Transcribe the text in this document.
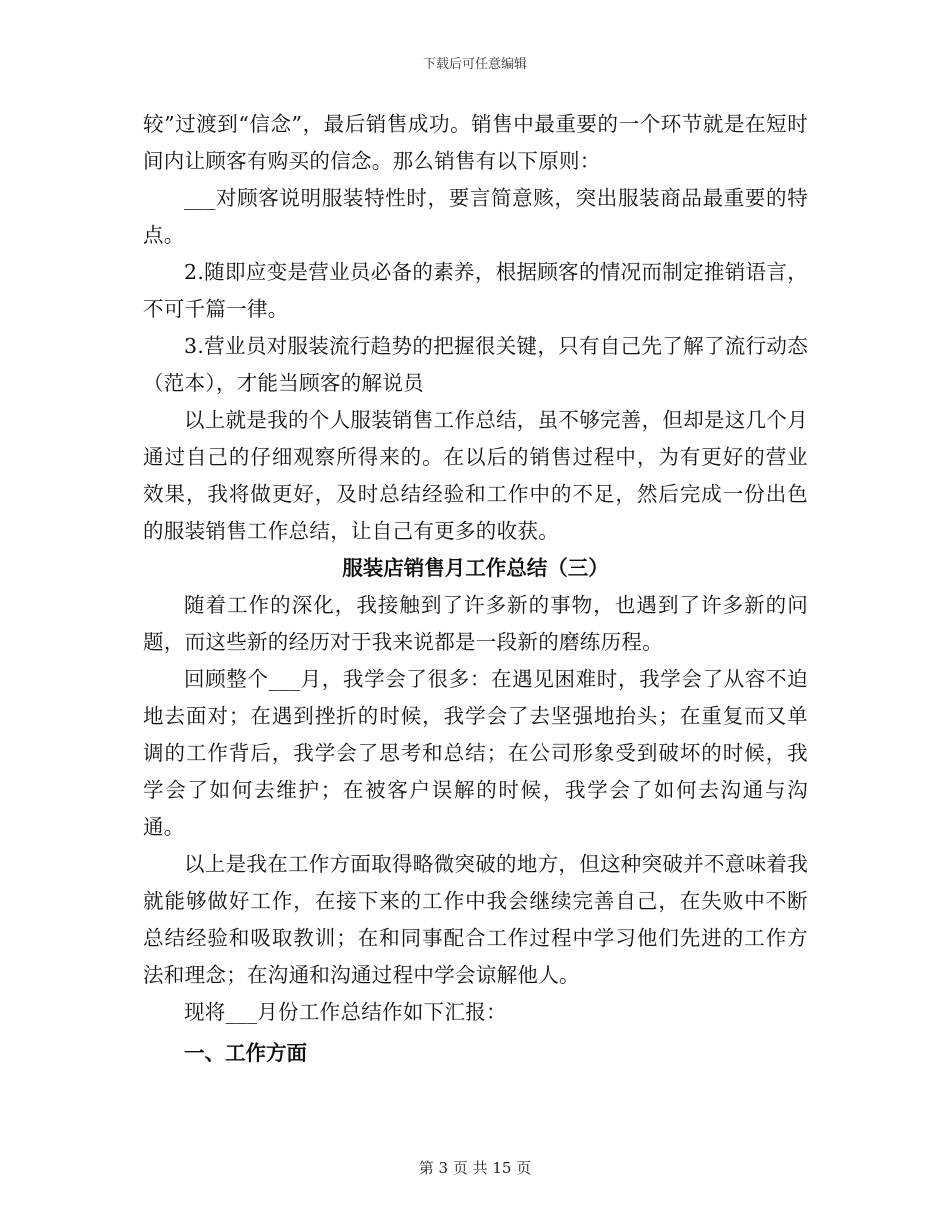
下载后可任意编辑

较”过渡到“信念”，最后销售成功。销售中最重要的一个环节就是在短时间内让顾客有购买的信念。那么销售有以下原则：

___对顾客说明服装特性时，要言简意赅，突出服装商品最重要的特点。

2.随即应变是营业员必备的素养，根据顾客的情况而制定推销语言，不可千篇一律。

3.营业员对服装流行趋势的把握很关键，只有自己先了解了流行动态（范本），才能当顾客的解说员

以上就是我的个人服装销售工作总结，虽不够完善，但却是这几个月通过自己的仔细观察所得来的。在以后的销售过程中，为有更好的营业效果，我将做更好，及时总结经验和工作中的不足，然后完成一份出色的服装销售工作总结，让自己有更多的收获。

服装店销售月工作总结（三）

随着工作的深化，我接触到了许多新的事物，也遇到了许多新的问题，而这些新的经历对于我来说都是一段新的磨练历程。

回顾整个___月，我学会了很多：在遇见困难时，我学会了从容不迫地去面对；在遇到挫折的时候，我学会了去坚强地抬头；在重复而又单调的工作背后，我学会了思考和总结；在公司形象受到破坏的时候，我学会了如何去维护；在被客户误解的时候，我学会了如何去沟通与沟通。

以上是我在工作方面取得略微突破的地方，但这种突破并不意味着我就能够做好工作，在接下来的工作中我会继续完善自己，在失败中不断总结经验和吸取教训；在和同事配合工作过程中学习他们先进的工作方法和理念；在沟通和沟通过程中学会谅解他人。

现将___月份工作总结作如下汇报：

一、工作方面
第 3 页 共 15 页
